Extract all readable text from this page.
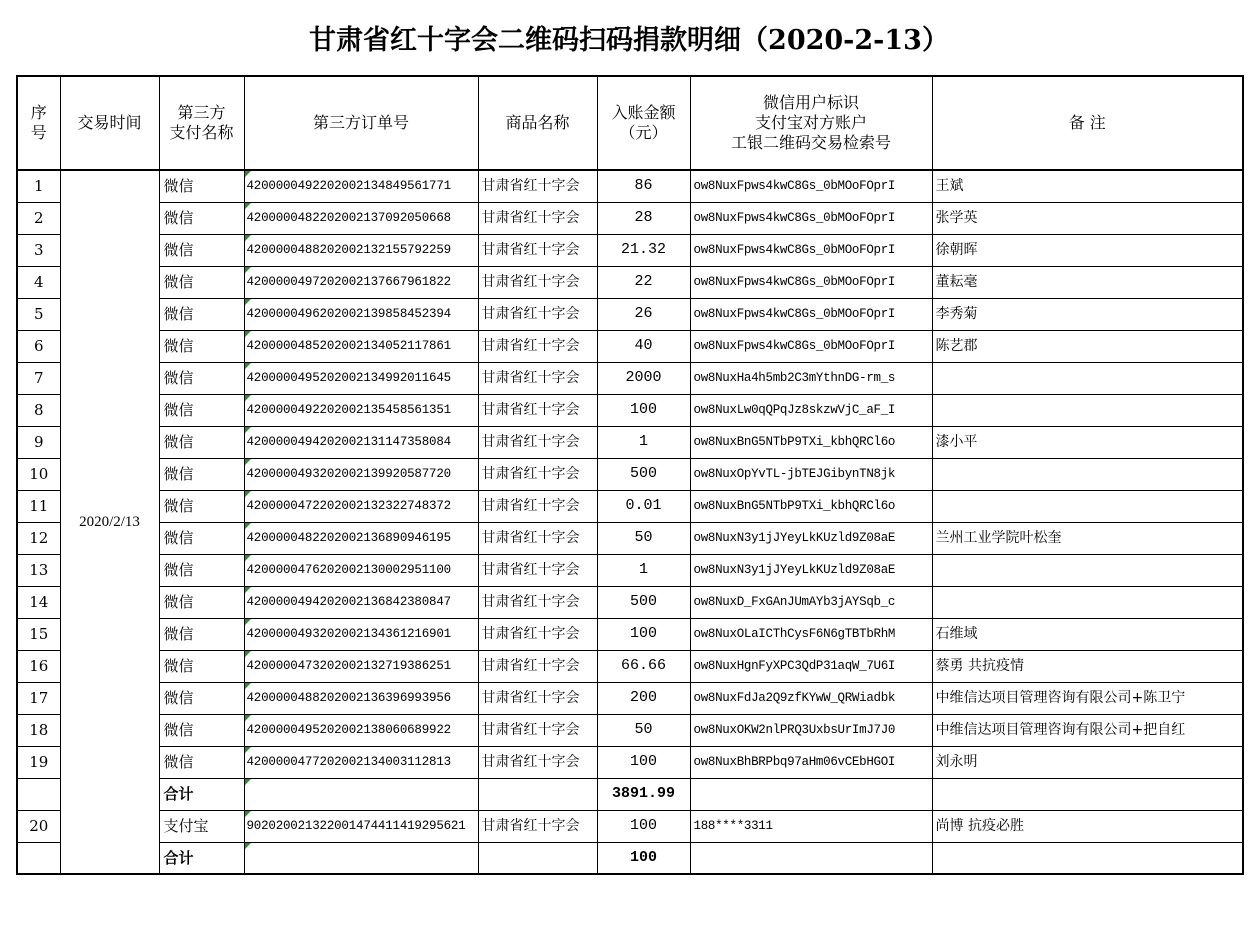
甘肃省红十字会二维码扫码捐款明细（2020-2-13）
序
号	交易时间	第三方
支付名称	第三方订单号	商品名称	入账金额
（元）	微信用户标识
支付宝对方账户
工银二维码交易检索号	备 注
1	2020/2/13	微信	4200000492202002134849561771	甘肃省红十字会	86	ow8NuxFpws4kwC8Gs_0bMOoFOprI	王斌
2		微信	4200000482202002137092050668	甘肃省红十字会	28	ow8NuxFpws4kwC8Gs_0bMOoFOprI	张学英
3		微信	4200000488202002132155792259	甘肃省红十字会	21.32	ow8NuxFpws4kwC8Gs_0bMOoFOprI	徐朝晖
4		微信	4200000497202002137667961822	甘肃省红十字会	22	ow8NuxFpws4kwC8Gs_0bMOoFOprI	董耘毫
5		微信	4200000496202002139858452394	甘肃省红十字会	26	ow8NuxFpws4kwC8Gs_0bMOoFOprI	李秀菊
6		微信	4200000485202002134052117861	甘肃省红十字会	40	ow8NuxFpws4kwC8Gs_0bMOoFOprI	陈艺郡
7		微信	4200000495202002134992011645	甘肃省红十字会	2000	ow8NuxHa4h5mb2C3mYthnDG-rm_s	
8		微信	4200000492202002135458561351	甘肃省红十字会	100	ow8NuxLw0qQPqJz8skzwVjC_aF_I	
9		微信	4200000494202002131147358084	甘肃省红十字会	1	ow8NuxBnG5NTbP9TXi_kbhQRCl6o	漆小平
10		微信	4200000493202002139920587720	甘肃省红十字会	500	ow8NuxOpYvTL-jbTEJGibynTN8jk	
11		微信	4200000472202002132322748372	甘肃省红十字会	0.01	ow8NuxBnG5NTbP9TXi_kbhQRCl6o	
12		微信	4200000482202002136890946195	甘肃省红十字会	50	ow8NuxN3y1jJYeyLkKUzld9Z08aE	兰州工业学院叶松奎
13		微信	4200000476202002130002951100	甘肃省红十字会	1	ow8NuxN3y1jJYeyLkKUzld9Z08aE	
14		微信	4200000494202002136842380847	甘肃省红十字会	500	ow8NuxD_FxGAnJUmAYb3jAYSqb_c	
15		微信	4200000493202002134361216901	甘肃省红十字会	100	ow8NuxOLaICThCysF6N6gTBTbRhM	石维域
16		微信	4200000473202002132719386251	甘肃省红十字会	66.66	ow8NuxHgnFyXPC3QdP31aqW_7U6I	蔡勇 共抗疫情
17		微信	4200000488202002136396993956	甘肃省红十字会	200	ow8NuxFdJa2Q9zfKYwW_QRWiadbk	中维信达项目管理咨询有限公司+陈卫宁
18		微信	4200000495202002138060689922	甘肃省红十字会	50	ow8NuxOKW2nlPRQ3UxbsUrImJ7J0	中维信达项目管理咨询有限公司+把自红
19		微信	4200000477202002134003112813	甘肃省红十字会	100	ow8NuxBhBRPbq97aHm06vCEbHGOI	刘永明
		合计			3891.99		
20		支付宝	902020021322001474411419295621	甘肃省红十字会	100	188****3311	尚博 抗疫必胜
		合计			100		
